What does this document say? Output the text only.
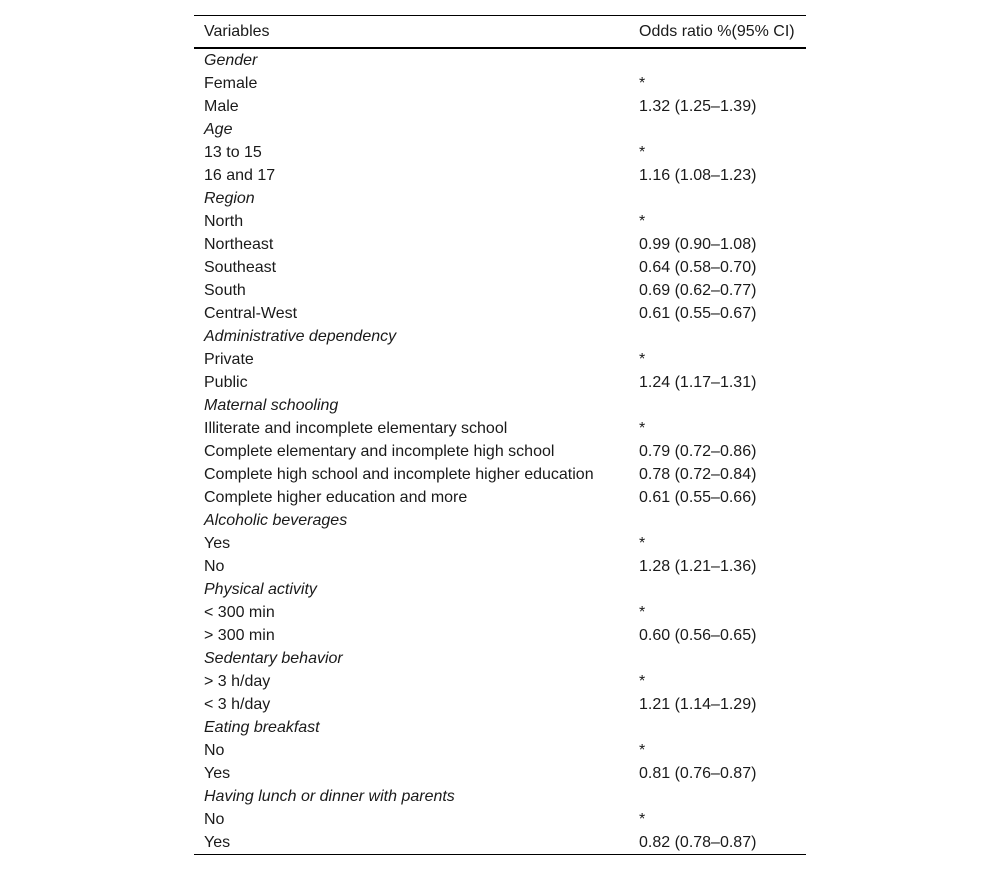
Variables	Odds ratio %(95% CI)
Gender	
Female	*
Male	1.32 (1.25–1.39)
Age	
13 to 15	*
16 and 17	1.16 (1.08–1.23)
Region	
North	*
Northeast	0.99 (0.90–1.08)
Southeast	0.64 (0.58–0.70)
South	0.69 (0.62–0.77)
Central-West	0.61 (0.55–0.67)
Administrative dependency	
Private	*
Public	1.24 (1.17–1.31)
Maternal schooling	
Illiterate and incomplete elementary school	*
Complete elementary and incomplete high school	0.79 (0.72–0.86)
Complete high school and incomplete higher education	0.78 (0.72–0.84)
Complete higher education and more	0.61 (0.55–0.66)
Alcoholic beverages	
Yes	*
No	1.28 (1.21–1.36)
Physical activity	
< 300 min	*
> 300 min	0.60 (0.56–0.65)
Sedentary behavior	
> 3 h/day	*
< 3 h/day	1.21 (1.14–1.29)
Eating breakfast	
No	*
Yes	0.81 (0.76–0.87)
Having lunch or dinner with parents	
No	*
Yes	0.82 (0.78–0.87)
